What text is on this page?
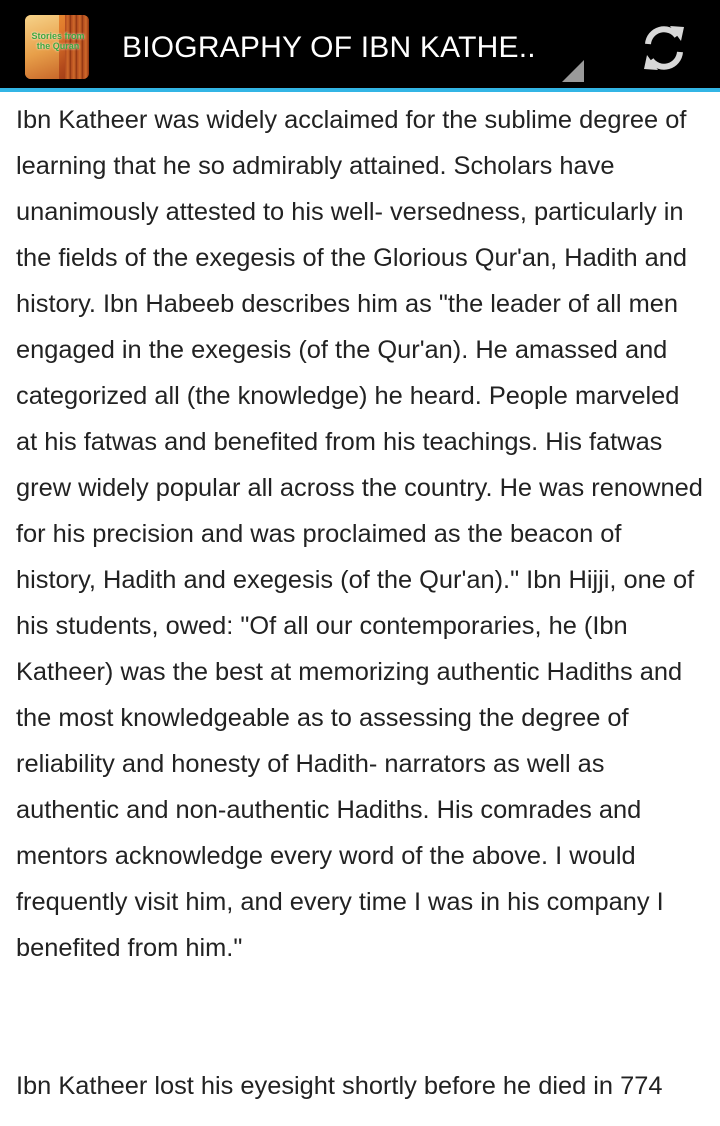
Stories from the Quran	BIOGRAPHY OF IBN KATHE..

Ibn Katheer was widely acclaimed for the sublime degree of learning that he so admirably attained. Scholars have unanimously attested to his well- versedness, particularly in the fields of the exegesis of the Glorious Qur'an, Hadith and history. Ibn Habeeb describes him as "the leader of all men engaged in the exegesis (of the Qur'an). He amassed and categorized all (the knowledge) he heard. People marveled at his fatwas and benefited from his teachings. His fatwas grew widely popular all across the country. He was renowned for his precision and was proclaimed as the beacon of history, Hadith and exegesis (of the Qur'an)." Ibn Hijji, one of his students, owed: "Of all our contemporaries, he (Ibn Katheer) was the best at memorizing authentic Hadiths and the most knowledgeable as to assessing the degree of reliability and honesty of Hadith- narrators as well as authentic and non-authentic Hadiths. His comrades and mentors acknowledge every word of the above. I would frequently visit him, and every time I was in his company I benefited from him."

Ibn Katheer lost his eyesight shortly before he died in 774
